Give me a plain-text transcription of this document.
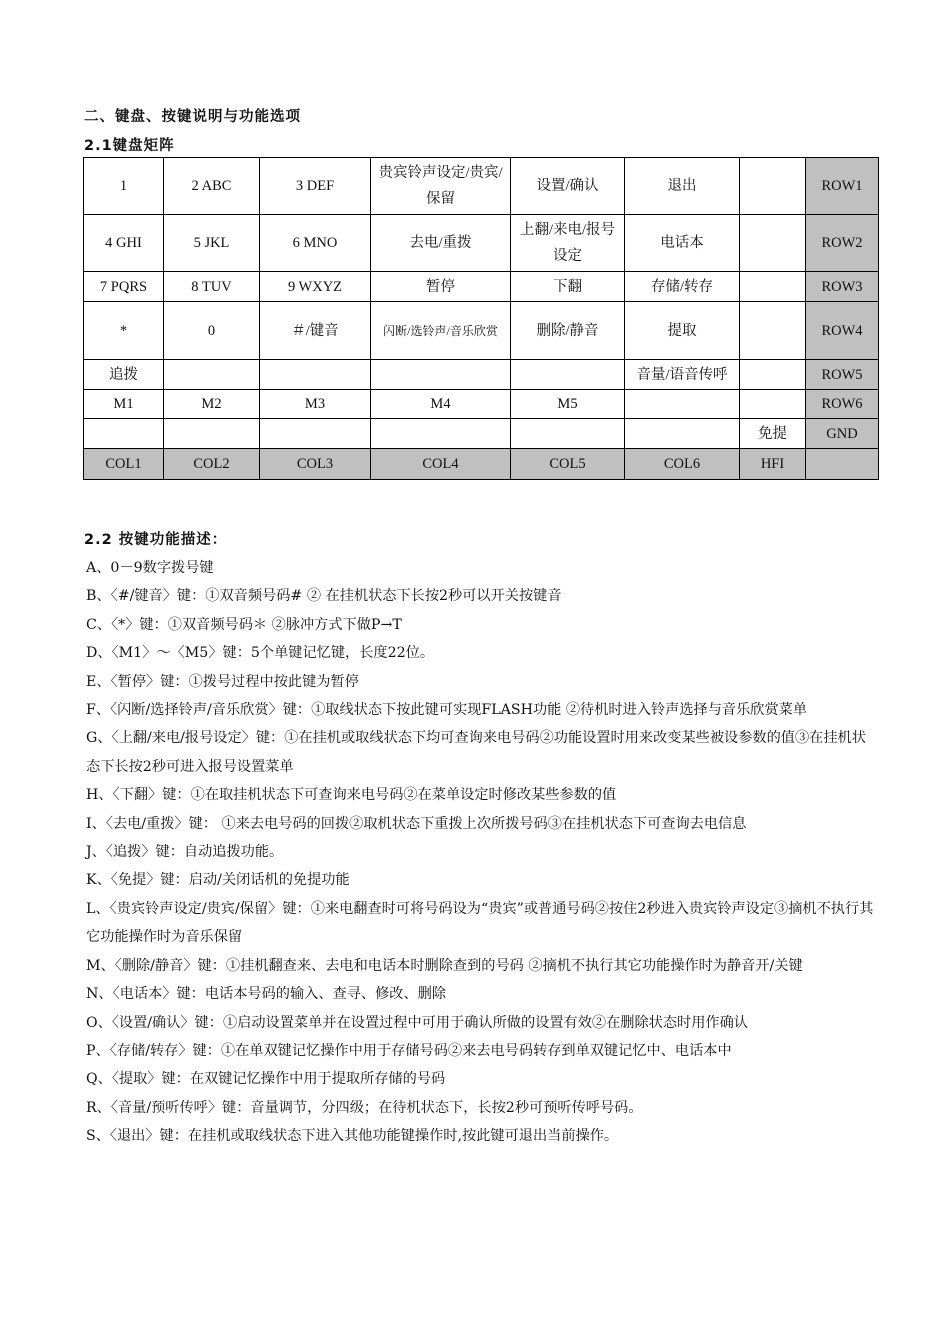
二、键盘、按键说明与功能选项
2.1键盘矩阵
1	2 ABC	3 DEF	贵宾铃声设定/贵宾/保留	设置/确认	退出		ROW1
4 GHI	5 JKL	6 MNO	去电/重拨	上翻/来电/报号设定	电话本		ROW2
7 PQRS	8 TUV	9 WXYZ	暂停	下翻	存储/转存		ROW3
*	0	＃/键音	闪断/选铃声/音乐欣赏	删除/静音	提取		ROW4
追拨					音量/语音传呼		ROW5
M1	M2	M3	M4	M5			ROW6
						免提	GND
COL1	COL2	COL3	COL4	COL5	COL6	HFI	
2.2 按键功能描述：

A、0－9数字拨号键

B、〈#/键音〉键：①双音频号码# ② 在挂机状态下长按2秒可以开关按键音

C、〈*〉键：①双音频号码＊ ②脉冲方式下做P→T

D、〈M1〉～〈M5〉键：5个单键记忆键，长度22位。

E、〈暂停〉键：①拨号过程中按此键为暂停

F、〈闪断/选择铃声/音乐欣赏〉键：①取线状态下按此键可实现FLASH功能 ②待机时进入铃声选择与音乐欣赏菜单

G、〈上翻/来电/报号设定〉键：①在挂机或取线状态下均可查询来电号码②功能设置时用来改变某些被设参数的值③在挂机状态下长按2秒可进入报号设置菜单

H、〈下翻〉键：①在取挂机状态下可查询来电号码②在菜单设定时修改某些参数的值

I、〈去电/重拨〉键： ①来去电号码的回拨②取机状态下重拨上次所拨号码③在挂机状态下可查询去电信息

J、〈追拨〉键：自动追拨功能。

K、〈免提〉键：启动/关闭话机的免提功能

L、〈贵宾铃声设定/贵宾/保留〉键：①来电翻查时可将号码设为“贵宾”或普通号码②按住2秒进入贵宾铃声设定③摘机不执行其它功能操作时为音乐保留

M、〈删除/静音〉键：①挂机翻查来、去电和电话本时删除查到的号码 ②摘机不执行其它功能操作时为静音开/关键

N、〈电话本〉键：电话本号码的输入、查寻、修改、删除

O、〈设置/确认〉键：①启动设置菜单并在设置过程中可用于确认所做的设置有效②在删除状态时用作确认

P、〈存储/转存〉键：①在单双键记忆操作中用于存储号码②来去电号码转存到单双键记忆中、电话本中

Q、〈提取〉键：在双键记忆操作中用于提取所存储的号码

R、〈音量/预听传呼〉键：音量调节，分四级；在待机状态下，长按2秒可预听传呼号码。

S、〈退出〉键：在挂机或取线状态下进入其他功能键操作时,按此键可退出当前操作。
